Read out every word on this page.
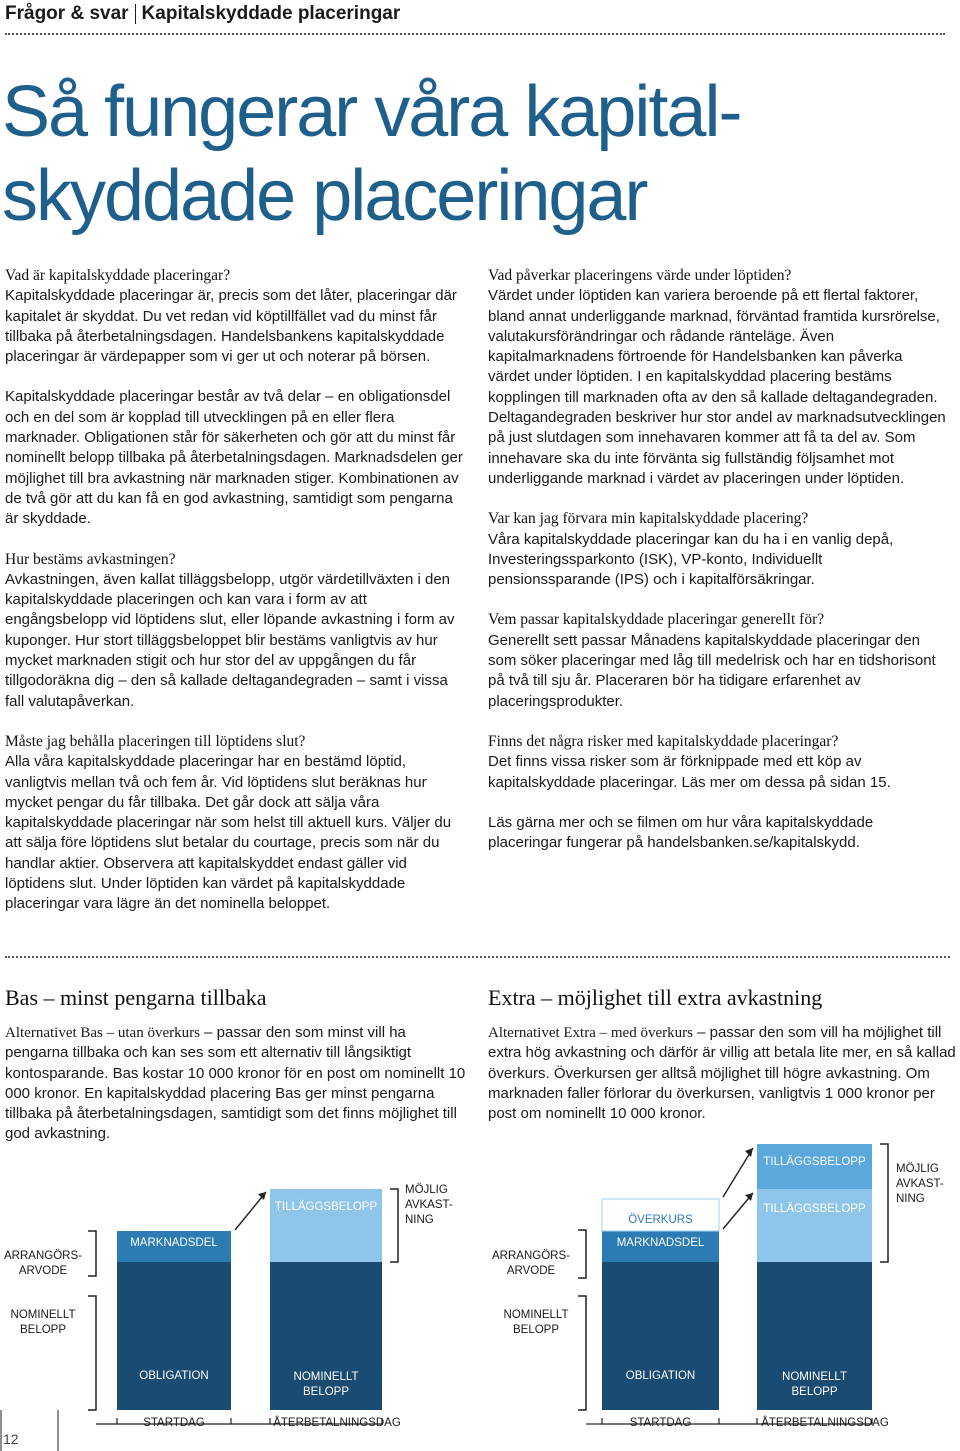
Frågor & svar Kapitalskyddade placeringar
Så fungerar våra kapital-
skyddade placeringar

Vad är kapitalskyddade placeringar?
Kapitalskyddade placeringar är, precis som det låter, placeringar där kapitalet är skyddat. Du vet redan vid köptillfället vad du minst får tillbaka på återbetalningsdagen. Handelsbankens kapitalskyddade placeringar är värdepapper som vi ger ut och noterar på börsen.

Kapitalskyddade placeringar består av två delar – en obligationsdel och en del som är kopplad till utvecklingen på en eller flera marknader. Obligationen står för säkerheten och gör att du minst får nominellt belopp tillbaka på återbetalningsdagen. Marknadsdelen ger möjlighet till bra avkastning när marknaden stiger. Kombinationen av de två gör att du kan få en god avkastning, samtidigt som pengarna är skyddade.

Hur bestäms avkastningen?
Avkastningen, även kallat tilläggsbelopp, utgör värdetillväxten i den kapitalskyddade placeringen och kan vara i form av att engångsbelopp vid löptidens slut, eller löpande avkastning i form av kuponger. Hur stort tilläggsbeloppet blir bestäms vanligtvis av hur mycket marknaden stigit och hur stor del av uppgången du får tillgodoräkna dig – den så kallade deltagandegraden – samt i vissa fall valutapåverkan.

Måste jag behålla placeringen till löptidens slut?
Alla våra kapitalskyddade placeringar har en bestämd löptid, vanligtvis mellan två och fem år. Vid löptidens slut beräknas hur mycket pengar du får tillbaka. Det går dock att sälja våra kapitalskyddade placeringar när som helst till aktuell kurs. Väljer du att sälja före löptidens slut betalar du courtage, precis som när du handlar aktier. Observera att kapitalskyddet endast gäller vid löptidens slut. Under löptiden kan värdet på kapitalskyddade placeringar vara lägre än det nominella beloppet.

Vad påverkar placeringens värde under löptiden?
Värdet under löptiden kan variera beroende på ett flertal faktorer, bland annat underliggande marknad, förväntad framtida kursrörelse, valutakursförändringar och rådande ränteläge. Även kapitalmarknadens förtroende för Handelsbanken kan påverka värdet under löptiden. I en kapitalskyddad placering bestäms kopplingen till marknaden ofta av den så kallade deltagandegraden. Deltagandegraden beskriver hur stor andel av marknadsutvecklingen på just slutdagen som innehavaren kommer att få ta del av. Som innehavare ska du inte förvänta sig fullständig följsamhet mot underliggande marknad i värdet av placeringen under löptiden.

Var kan jag förvara min kapitalskyddade placering?
Våra kapitalskyddade placeringar kan du ha i en vanlig depå, Investeringssparkonto (ISK), VP-konto, Individuellt pensionssparande (IPS) och i kapitalförsäkringar.

Vem passar kapitalskyddade placeringar generellt för?
Generellt sett passar Månadens kapitalskyddade placeringar den som söker placeringar med låg till medelrisk och har en tidshorisont på två till sju år. Placeraren bör ha tidigare erfarenhet av placeringsprodukter.

Finns det några risker med kapitalskyddade placeringar?
Det finns vissa risker som är förknippade med ett köp av kapitalskyddade placeringar. Läs mer om dessa på sidan 15.

Läs gärna mer och se filmen om hur våra kapitalskyddade placeringar fungerar på handelsbanken.se/kapitalskydd.

Bas – minst pengarna tillbaka
Alternativet Bas – utan överkurs – passar den som minst vill ha pengarna tillbaka och kan ses som ett alternativ till långsiktigt kontosparande. Bas kostar 10 000 kronor för en post om nominellt 10 000 kronor. En kapitalskyddad placering Bas ger minst pengarna tillbaka på återbetalningsdagen, samtidigt som det finns möjlighet till god avkastning.
Extra – möjlighet till extra avkastning
Alternativet Extra – med överkurs – passar den som vill ha möjlighet till extra hög avkastning och därför är villig att betala lite mer, en så kallad överkurs. Överkursen ger alltså möjlighet till högre avkastning. Om marknaden faller förlorar du överkursen, vanligtvis 1 000 kronor per post om nominellt 10 000 kronor.
ARRANGÖRS-
ARVODE
NOMINELLT
BELOPP
MARKNADSDEL
TILLÄGGSBELOPP
MÖJLIG
AVKAST-
NING
OBLIGATION	NOMINELLT
BELOPP
STARTDAG	ÅTERBETALNINGSDAG
ARRANGÖRS-
ARVODE
NOMINELLT
BELOPP
ÖVERKURS
MARKNADSDEL
TILLÄGGSBELOPP
TILLÄGGSBELOPP
MÖJLIG
AVKAST-
NING
OBLIGATION	NOMINELLT
BELOPP
STARTDAG	ÅTERBETALNINGSDAG
12
